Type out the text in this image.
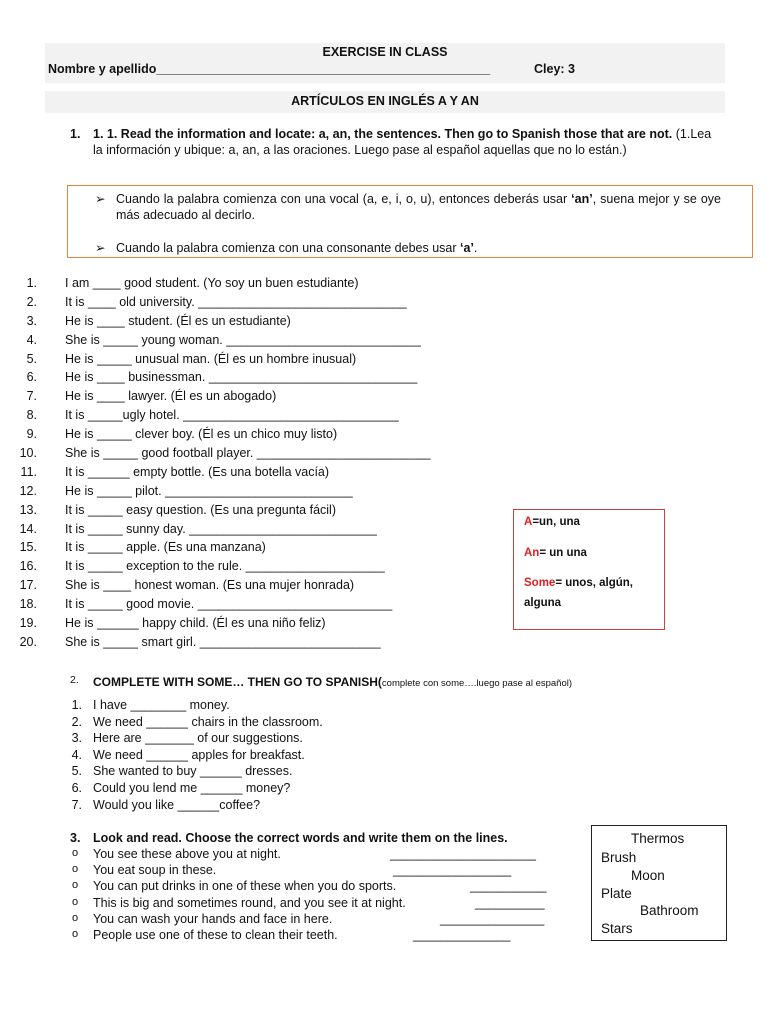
EXERCISE IN CLASS
Nombre y apellido________________________________________________	Cley: 3
ARTÍCULOS EN INGLÉS A Y AN
1. 1. 1. Read the information and locate: a, an, the sentences. Then go to Spanish those that are not. (1.Lea la información y ubique: a, an, a las oraciones. Luego pase al español aquellas que no lo están.)
➢ Cuando la palabra comienza con una vocal (a, e, i, o, u), entonces deberás usar ‘an’, suena mejor y se oye más adecuado al decirlo.
➢ Cuando la palabra comienza con una consonante debes usar ‘a’.
1. I am ____ good student. (Yo soy un buen estudiante)
2. It is ____ old university. ______________________________
3. He is ____ student. (Él es un estudiante)
4. She is _____ young woman. ____________________________
5. He is _____ unusual man. (Él es un hombre inusual)
6. He is ____ businessman. ______________________________
7. He is ____ lawyer. (Él es un abogado)
8. It is _____ugly hotel. _______________________________
9. He is _____ clever boy. (Él es un chico muy listo)
10. She is _____ good football player. _________________________
11. It is ______ empty bottle. (Es una botella vacía)
12. He is _____ pilot. ___________________________
13. It is _____ easy question. (Es una pregunta fácil)
14. It is _____ sunny day. ___________________________
15. It is _____ apple. (Es una manzana)
16. It is _____ exception to the rule. ____________________
17. She is ____ honest woman. (Es una mujer honrada)
18. It is _____ good movie. ____________________________
19. He is ______ happy child. (Él es una niño feliz)
20. She is _____ smart girl. __________________________
A=un, una
An= un una
Some= unos, algún,
alguna
2. COMPLETE WITH SOME… THEN GO TO SPANISH(complete con some….luego pase al español)
1. I have ________ money.
2. We need ______ chairs in the classroom.
3. Here are _______ of our suggestions.
4. We need ______ apples for breakfast.
5. She wanted to buy ______ dresses.
6. Could you lend me ______ money?
7. Would you like ______coffee?
3. Look and read. Choose the correct words and write them on the lines.
o You see these above you at night.	_____________________
o You eat soup in these.	_________________
o You can put drinks in one of these when you do sports.	___________
o This is big and sometimes round, and you see it at night.	__________
o You can wash your hands and face in here.	_______________
o People use one of these to clean their teeth.	______________
Thermos
Brush
Moon
Plate
Bathroom
Stars
